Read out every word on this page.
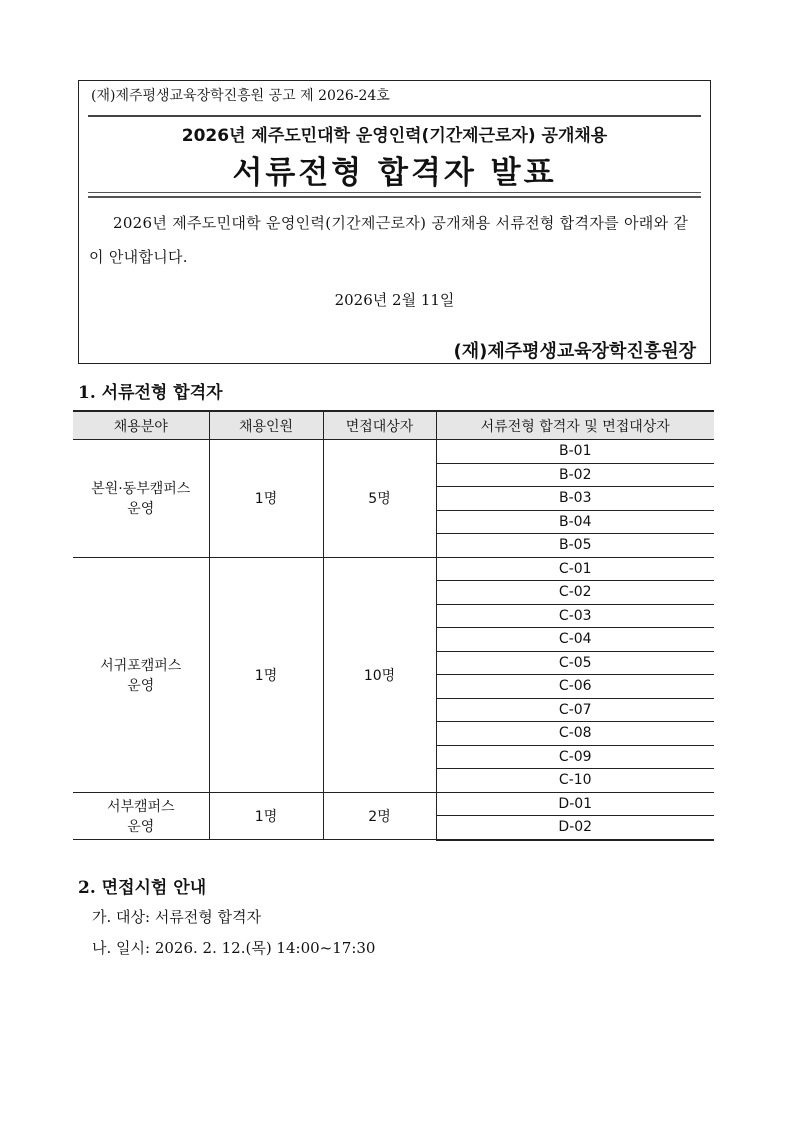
(재)제주평생교육장학진흥원 공고 제 2026-24호
2026년 제주도민대학 운영인력(기간제근로자) 공개채용
서류전형 합격자 발표
2026년 제주도민대학 운영인력(기간제근로자) 공개채용 서류전형 합격자를 아래와 같이 안내합니다.
2026년 2월 11일
(재)제주평생교육장학진흥원장
1. 서류전형 합격자
채용분야	채용인원	면접대상자	서류전형 합격자 및 면접대상자
본원·동부캠퍼스
운영	1명	5명	B-01
			B-02
			B-03
			B-04
			B-05
서귀포캠퍼스
운영	1명	10명	C-01
			C-02
			C-03
			C-04
			C-05
			C-06
			C-07
			C-08
			C-09
			C-10
서부캠퍼스
운영	1명	2명	D-01
			D-02
2. 면접시험 안내
가. 대상: 서류전형 합격자
나. 일시: 2026. 2. 12.(목) 14:00~17:30
